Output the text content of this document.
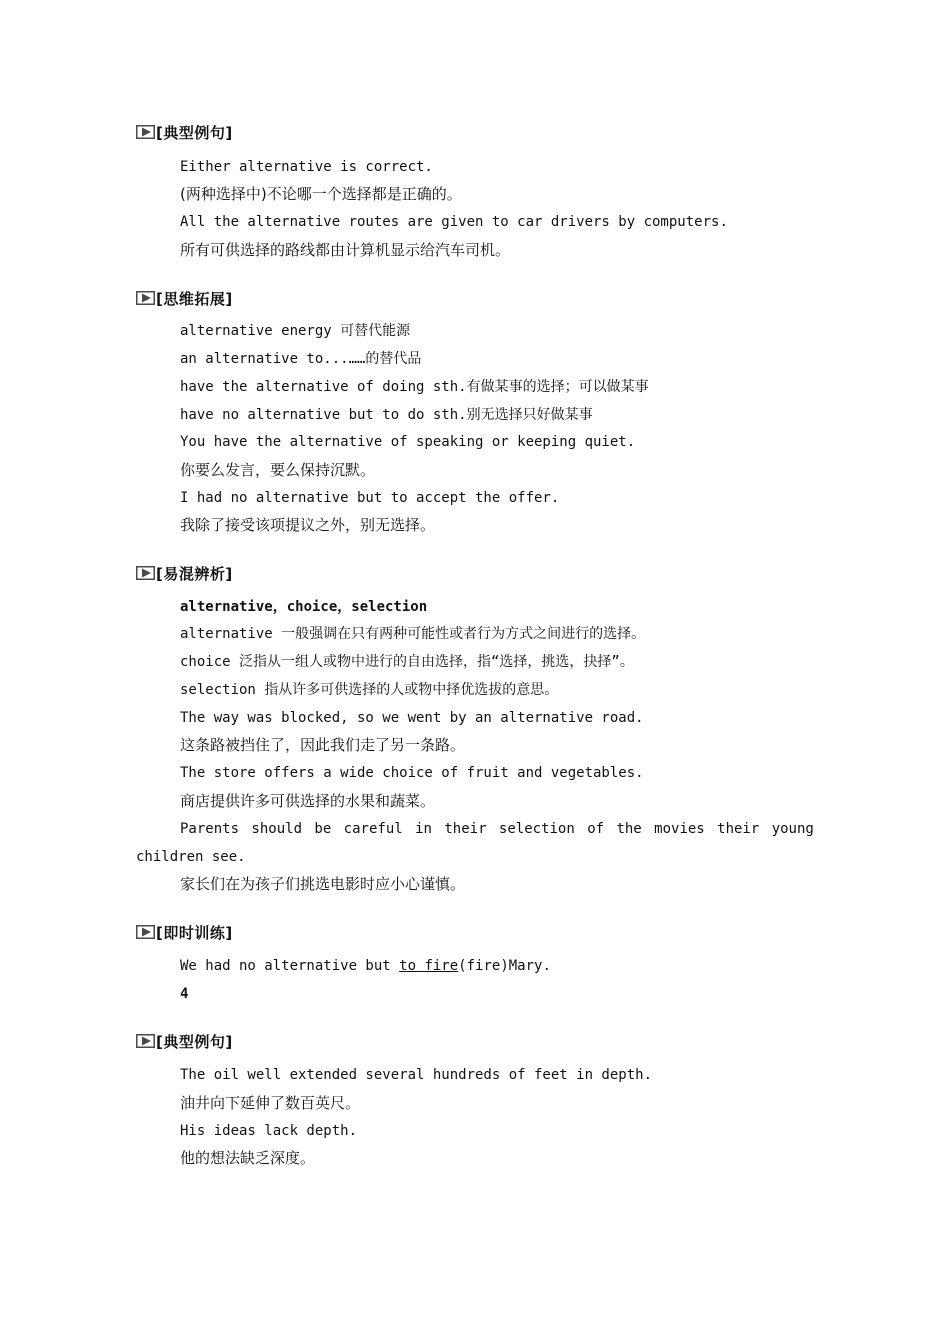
[典型例句]
Either alternative is correct.
(两种选择中)不论哪一个选择都是正确的。
All the alternative routes are given to car drivers by computers.
所有可供选择的路线都由计算机显示给汽车司机。
[思维拓展]
alternative energy 可替代能源
an alternative to...……的替代品
have the alternative of doing sth.有做某事的选择；可以做某事
have no alternative but to do sth.别无选择只好做某事
You have the alternative of speaking or keeping quiet.
你要么发言，要么保持沉默。
I had no alternative but to accept the offer.
我除了接受该项提议之外，别无选择。
[易混辨析]
alternative，choice，selection
alternative 一般强调在只有两种可能性或者行为方式之间进行的选择。
choice 泛指从一组人或物中进行的自由选择，指“选择，挑选，抉择”。
selection 指从许多可供选择的人或物中择优选拔的意思。
The way was blocked, so we went by an alternative road.
这条路被挡住了，因此我们走了另一条路。
The store offers a wide choice of fruit and vegetables.
商店提供许多可供选择的水果和蔬菜。
Parents should be careful in their selection of the movies their young
children see.
家长们在为孩子们挑选电影时应小心谨慎。
[即时训练]
We had no alternative but to fire(fire)Mary.
4
[典型例句]
The oil well extended several hundreds of feet in depth.
油井向下延伸了数百英尺。
His ideas lack depth.
他的想法缺乏深度。
